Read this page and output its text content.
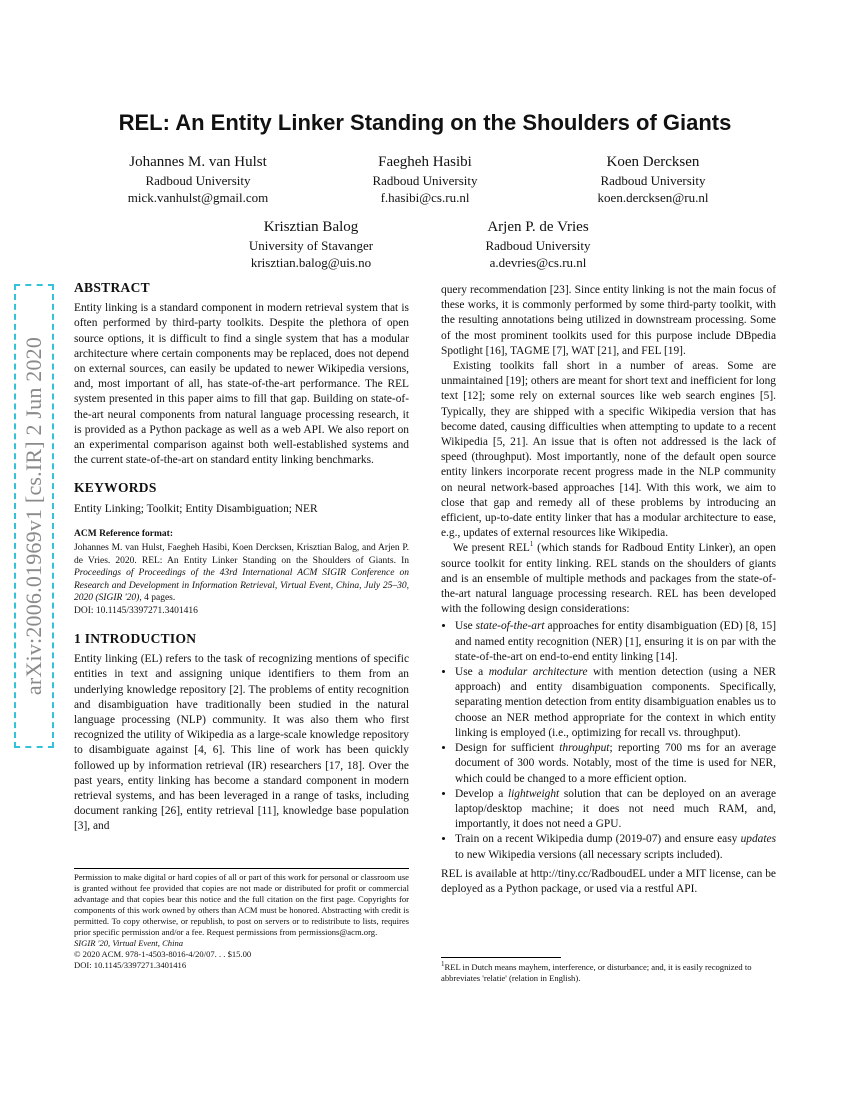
arXiv:2006.01969v1 [cs.IR] 2 Jun 2020
REL: An Entity Linker Standing on the Shoulders of Giants
Johannes M. van Hulst
Radboud University
mick.vanhulst@gmail.com
Faegheh Hasibi
Radboud University
f.hasibi@cs.ru.nl
Koen Dercksen
Radboud University
koen.dercksen@ru.nl
Krisztian Balog
University of Stavanger
krisztian.balog@uis.no
Arjen P. de Vries
Radboud University
a.devries@cs.ru.nl
ABSTRACT

Entity linking is a standard component in modern retrieval system that is often performed by third-party toolkits. Despite the plethora of open source options, it is difficult to find a single system that has a modular architecture where certain components may be replaced, does not depend on external sources, can easily be updated to newer Wikipedia versions, and, most important of all, has state-of-the-art performance. The REL system presented in this paper aims to fill that gap. Building on state-of-the-art neural components from natural language processing research, it is provided as a Python package as well as a web API. We also report on an experimental comparison against both well-established systems and the current state-of-the-art on standard entity linking benchmarks.

KEYWORDS

Entity Linking; Toolkit; Entity Disambiguation; NER

ACM Reference format:

Johannes M. van Hulst, Faegheh Hasibi, Koen Dercksen, Krisztian Balog, and Arjen P. de Vries. 2020. REL: An Entity Linker Standing on the Shoulders of Giants. In Proceedings of Proceedings of the 43rd International ACM SIGIR Conference on Research and Development in Information Retrieval, Virtual Event, China, July 25–30, 2020 (SIGIR '20), 4 pages.

DOI: 10.1145/3397271.3401416

1 INTRODUCTION

Entity linking (EL) refers to the task of recognizing mentions of specific entities in text and assigning unique identifiers to them from an underlying knowledge repository [2]. The problems of entity recognition and disambiguation have traditionally been studied in the natural language processing (NLP) community. It was also them who first recognized the utility of Wikipedia as a large-scale knowledge repository to disambiguate against [4, 6]. This line of work has been quickly followed up by information retrieval (IR) researchers [17, 18]. Over the past years, entity linking has become a standard component in modern retrieval systems, and has been leveraged in a range of tasks, including document ranking [26], entity retrieval [11], knowledge base population [3], and

Permission to make digital or hard copies of all or part of this work for personal or classroom use is granted without fee provided that copies are not made or distributed for profit or commercial advantage and that copies bear this notice and the full citation on the first page. Copyrights for components of this work owned by others than ACM must be honored. Abstracting with credit is permitted. To copy otherwise, or republish, to post on servers or to redistribute to lists, requires prior specific permission and/or a fee. Request permissions from permissions@acm.org.

SIGIR '20, Virtual Event, China

© 2020 ACM. 978-1-4503-8016-4/20/07. . . $15.00

DOI: 10.1145/3397271.3401416

query recommendation [23]. Since entity linking is not the main focus of these works, it is commonly performed by some third-party toolkit, with the resulting annotations being utilized in downstream processing. Some of the most prominent toolkits used for this purpose include DBpedia Spotlight [16], TAGME [7], WAT [21], and FEL [19].

Existing toolkits fall short in a number of areas. Some are unmaintained [19]; others are meant for short text and inefficient for long text [12]; some rely on external sources like web search engines [5]. Typically, they are shipped with a specific Wikipedia version that has become dated, causing difficulties when attempting to update to a recent Wikipedia [5, 21]. An issue that is often not addressed is the lack of speed (throughput). Most importantly, none of the default open source entity linkers incorporate recent progress made in the NLP community on neural network-based approaches [14]. With this work, we aim to close that gap and remedy all of these problems by introducing an efficient, up-to-date entity linker that has a modular architecture to ease, e.g., updates of external resources like Wikipedia.

We present REL$^1$ (which stands for Radboud Entity Linker), an open source toolkit for entity linking. REL stands on the shoulders of giants and is an ensemble of multiple methods and packages from the state-of-the-art natural language processing research. REL has been developed with the following design considerations:

• Use state-of-the-art approaches for entity disambiguation (ED) [8, 15] and named entity recognition (NER) [1], ensuring it is on par with the state-of-the-art on end-to-end entity linking [14].
• Use a modular architecture with mention detection (using a NER approach) and entity disambiguation components. Specifically, separating mention detection from entity disambiguation enables us to choose an NER method appropriate for the context in which entity linking is employed (i.e., optimizing for recall vs. throughput).
• Design for sufficient throughput; reporting 700 ms for an average document of 300 words. Notably, most of the time is used for NER, which could be changed to a more efficient option.
• Develop a lightweight solution that can be deployed on an average laptop/desktop machine; it does not need much RAM, and, importantly, it does not need a GPU.
• Train on a recent Wikipedia dump (2019-07) and ensure easy updates to new Wikipedia versions (all necessary scripts included).

REL is available at http://tiny.cc/RadboudEL under a MIT license, can be deployed as a Python package, or used via a restful API.

$^1$REL in Dutch means mayhem, interference, or disturbance; and, it is easily recognized to abbreviates 'relatie' (relation in English).
